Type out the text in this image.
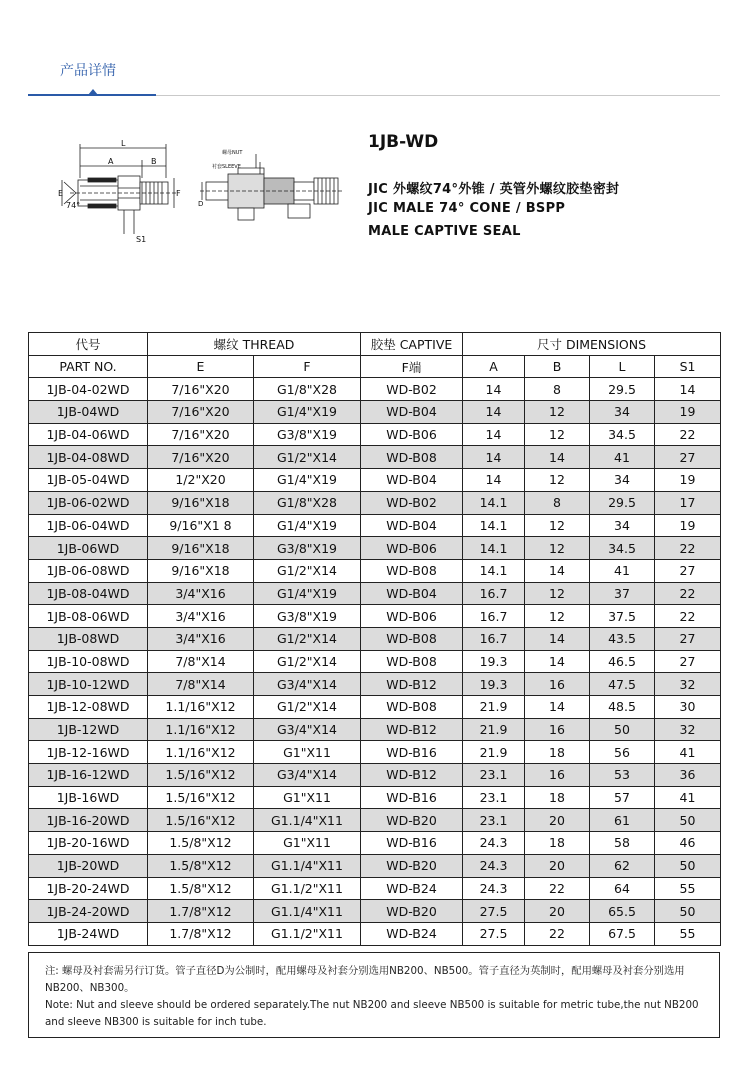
产品详情
L
A	B
74°
E	F
S1
螺母NUT
衬套SLEEVE
D
1JB-WD
JIC 外螺纹74°外锥 / 英管外螺纹胶垫密封
JIC MALE 74° CONE / BSPP
MALE CAPTIVE SEAL
代号	螺纹 THREAD		胶垫 CAPTIVE	尺寸 DIMENSIONS			
PART NO.	E	F	F端	A	B	L	S1
1JB-04-02WD	7/16"X20	G1/8"X28	WD-B02	14	8	29.5	14
1JB-04WD	7/16"X20	G1/4"X19	WD-B04	14	12	34	19
1JB-04-06WD	7/16"X20	G3/8"X19	WD-B06	14	12	34.5	22
1JB-04-08WD	7/16"X20	G1/2"X14	WD-B08	14	14	41	27
1JB-05-04WD	1/2"X20	G1/4"X19	WD-B04	14	12	34	19
1JB-06-02WD	9/16"X18	G1/8"X28	WD-B02	14.1	8	29.5	17
1JB-06-04WD	9/16"X1 8	G1/4"X19	WD-B04	14.1	12	34	19
1JB-06WD	9/16"X18	G3/8"X19	WD-B06	14.1	12	34.5	22
1JB-06-08WD	9/16"X18	G1/2"X14	WD-B08	14.1	14	41	27
1JB-08-04WD	3/4"X16	G1/4"X19	WD-B04	16.7	12	37	22
1JB-08-06WD	3/4"X16	G3/8"X19	WD-B06	16.7	12	37.5	22
1JB-08WD	3/4"X16	G1/2"X14	WD-B08	16.7	14	43.5	27
1JB-10-08WD	7/8"X14	G1/2"X14	WD-B08	19.3	14	46.5	27
1JB-10-12WD	7/8"X14	G3/4"X14	WD-B12	19.3	16	47.5	32
1JB-12-08WD	1.1/16"X12	G1/2"X14	WD-B08	21.9	14	48.5	30
1JB-12WD	1.1/16"X12	G3/4"X14	WD-B12	21.9	16	50	32
1JB-12-16WD	1.1/16"X12	G1"X11	WD-B16	21.9	18	56	41
1JB-16-12WD	1.5/16"X12	G3/4"X14	WD-B12	23.1	16	53	36
1JB-16WD	1.5/16"X12	G1"X11	WD-B16	23.1	18	57	41
1JB-16-20WD	1.5/16"X12	G1.1/4"X11	WD-B20	23.1	20	61	50
1JB-20-16WD	1.5/8"X12	G1"X11	WD-B16	24.3	18	58	46
1JB-20WD	1.5/8"X12	G1.1/4"X11	WD-B20	24.3	20	62	50
1JB-20-24WD	1.5/8"X12	G1.1/2"X11	WD-B24	24.3	22	64	55
1JB-24-20WD	1.7/8"X12	G1.1/4"X11	WD-B20	27.5	20	65.5	50
1JB-24WD	1.7/8"X12	G1.1/2"X11	WD-B24	27.5	22	67.5	55

注: 螺母及衬套需另行订货。管子直径D为公制时，配用螺母及衬套分别选用NB200、NB500。管子直径为英制时，配用螺母及衬套分别选用NB200、NB300。

Note: Nut and sleeve should be ordered separately.The nut NB200 and sleeve NB500 is suitable for metric tube,the nut NB200 and sleeve NB300 is suitable for inch tube.
